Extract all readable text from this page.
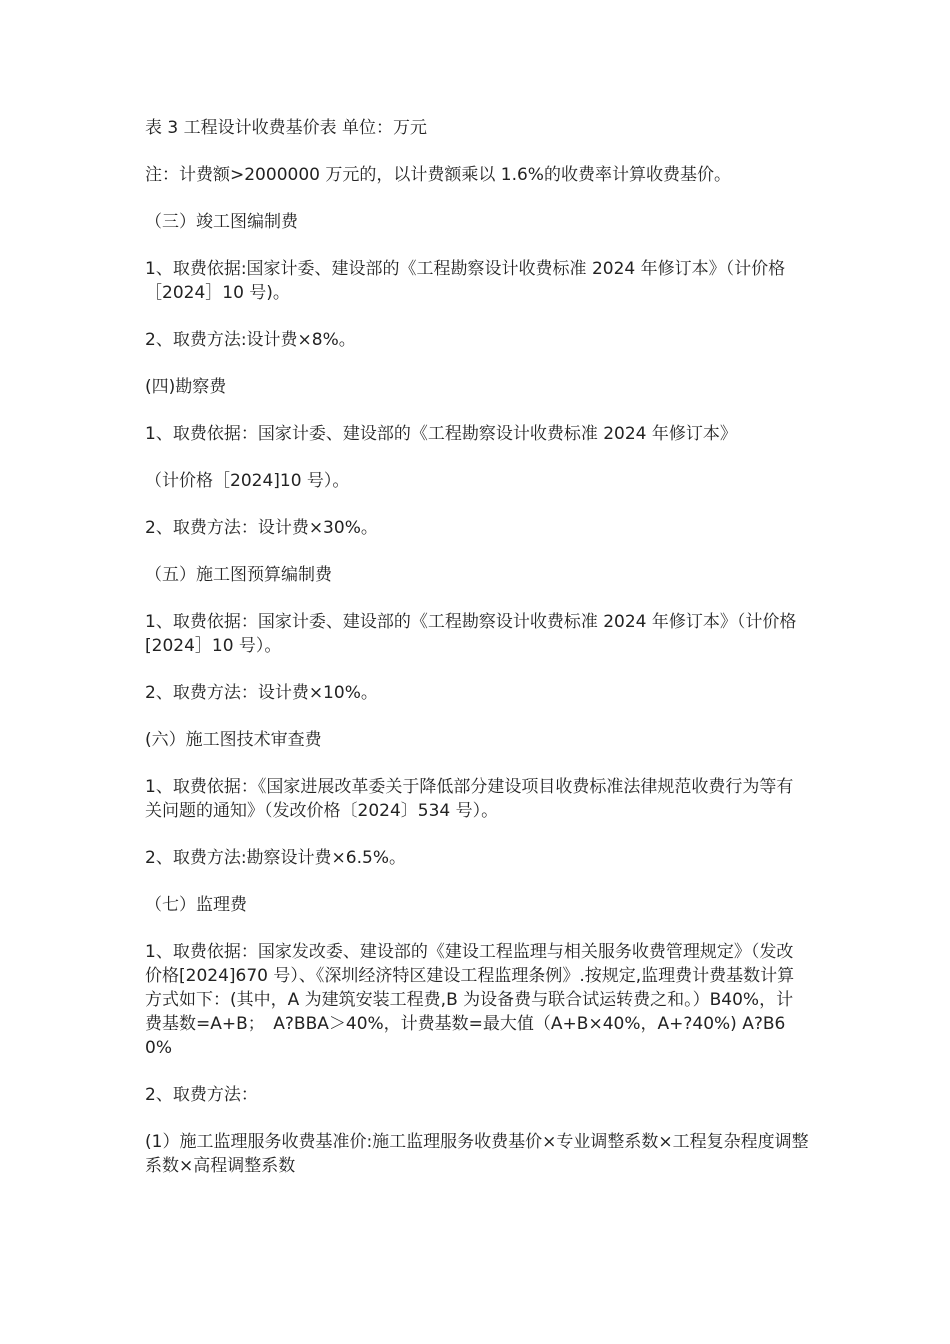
表 3 工程设计收费基价表 单位：万元

注：计费额>2000000 万元的，以计费额乘以 1.6%的收费率计算收费基价。

（三）竣工图编制费

1、取费依据:国家计委、建设部的《工程勘察设计收费标准 2024 年修订本》（计价格［2024］10 号)。

2、取费方法:设计费×8%。

(四)勘察费

1、取费依据：国家计委、建设部的《工程勘察设计收费标准 2024 年修订本》

（计价格［2024]10 号）。

2、取费方法：设计费×30%。

（五）施工图预算编制费

1、取费依据：国家计委、建设部的《工程勘察设计收费标准 2024 年修订本》（计价格[2024］10 号）。

2、取费方法：设计费×10%。

(六）施工图技术审查费

1、取费依据：《国家进展改革委关于降低部分建设项目收费标准法律规范收费行为等有关问题的通知》（发改价格〔2024〕534 号）。

2、取费方法:勘察设计费×6.5%。

（七）监理费

1、取费依据：国家发改委、建设部的《建设工程监理与相关服务收费管理规定》（发改价格[2024]670 号）、《深圳经济特区建设工程监理条例》.按规定,监理费计费基数计算方式如下：(其中，A 为建筑安装工程费,B 为设备费与联合试运转费之和。）B40%，计费基数=A+B；　A?BBA＞40%，计费基数=最大值（A+B×40%，A+?40%) A?B60%

2、取费方法：

(1）施工监理服务收费基准价:施工监理服务收费基价×专业调整系数×工程复杂程度调整系数×高程调整系数
